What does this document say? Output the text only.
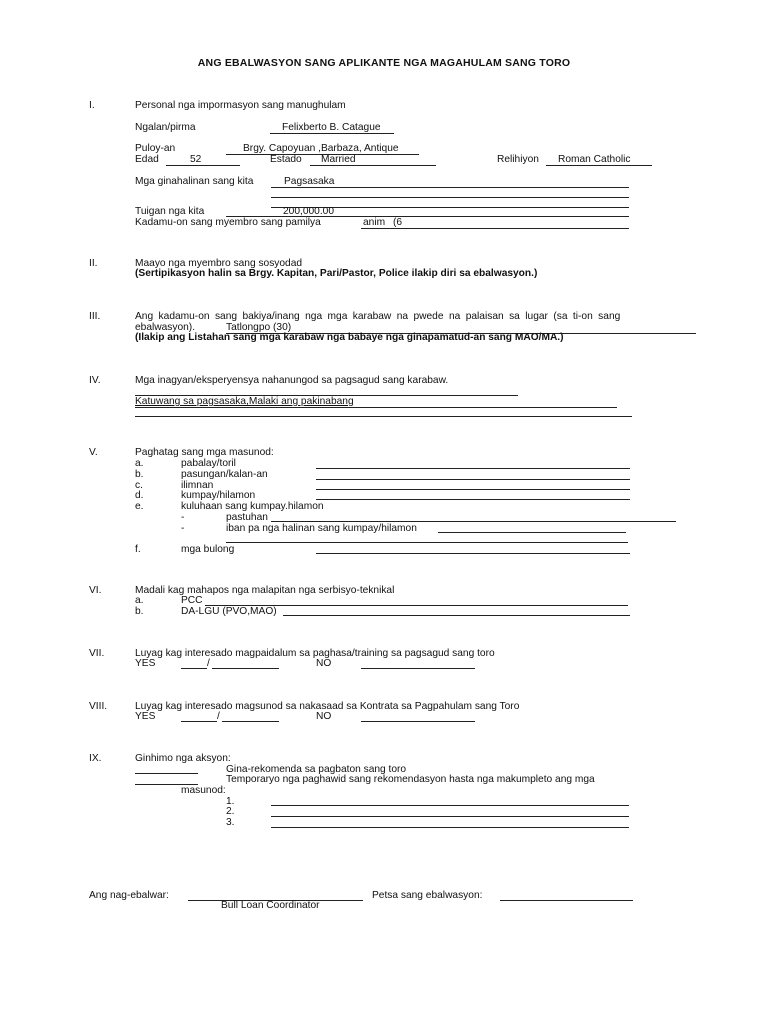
ANG EBALWASYON SANG APLIKANTE NGA MAGAHULAM SANG TORO
I.	Personal nga impormasyon sang manughulam
Ngalan/pirma	Felixberto B. Catague
Puloy-an	Brgy. Capoyuan ,Barbaza, Antique
Edad	52	Estado Married	Relihiyon Roman Catholic
Mga ginahalinan sang kita	Pagsasaka
Tuigan nga kita	200,000.00
Kadamu-on sang myembro sang pamilya	anim (6
II.	Maayo nga myembro sang sosyodad
(Sertipikasyon halin sa Brgy. Kapitan, Pari/Pastor, Police ilakip diri sa ebalwasyon.)
III.	Ang kadamu-on sang bakiya/inang nga mga karabaw na pwede na palaisan sa lugar (sa ti-on sang
ebalwasyon).	Tatlongpo (30)
(Ilakip ang Listahan sang mga karabaw nga babaye nga ginapamatud-an sang MAO/MA.)
IV.	Mga inagyan/eksperyensya nahanungod sa pagsagud sang karabaw.
Katuwang sa pagsasaka,Malaki ang pakinabang
V.	Paghatag sang mga masunod:
a.	pabalay/toril
b.	pasungan/kalan-an
c.	ilimnan
d.	kumpay/hilamon
e.	kuluhaan sang kumpay.hilamon
-	pastuhan
-	iban pa nga halinan sang kumpay/hilamon
f.	mga bulong
VI.	Madali kag mahapos nga malapitan nga serbisyo-teknikal
a.	PCC
b.	DA-LGU (PVO,MAO)
VII.	Luyag kag interesado magpaidalum sa paghasa/training sa pagsagud sang toro
YES	/	NO
VIII.	Luyag kag interesado magsunod sa nakasaad sa Kontrata sa Pagpahulam sang Toro
YES	/	NO
IX.	Ginhimo nga aksyon:
Gina-rekomenda sa pagbaton sang toro
Temporaryo nga paghawid sang rekomendasyon hasta nga makumpleto ang mga
masunod:
1.
2.
3.
Ang nag-ebalwar:	Petsa sang ebalwasyon:
Bull Loan Coordinator
